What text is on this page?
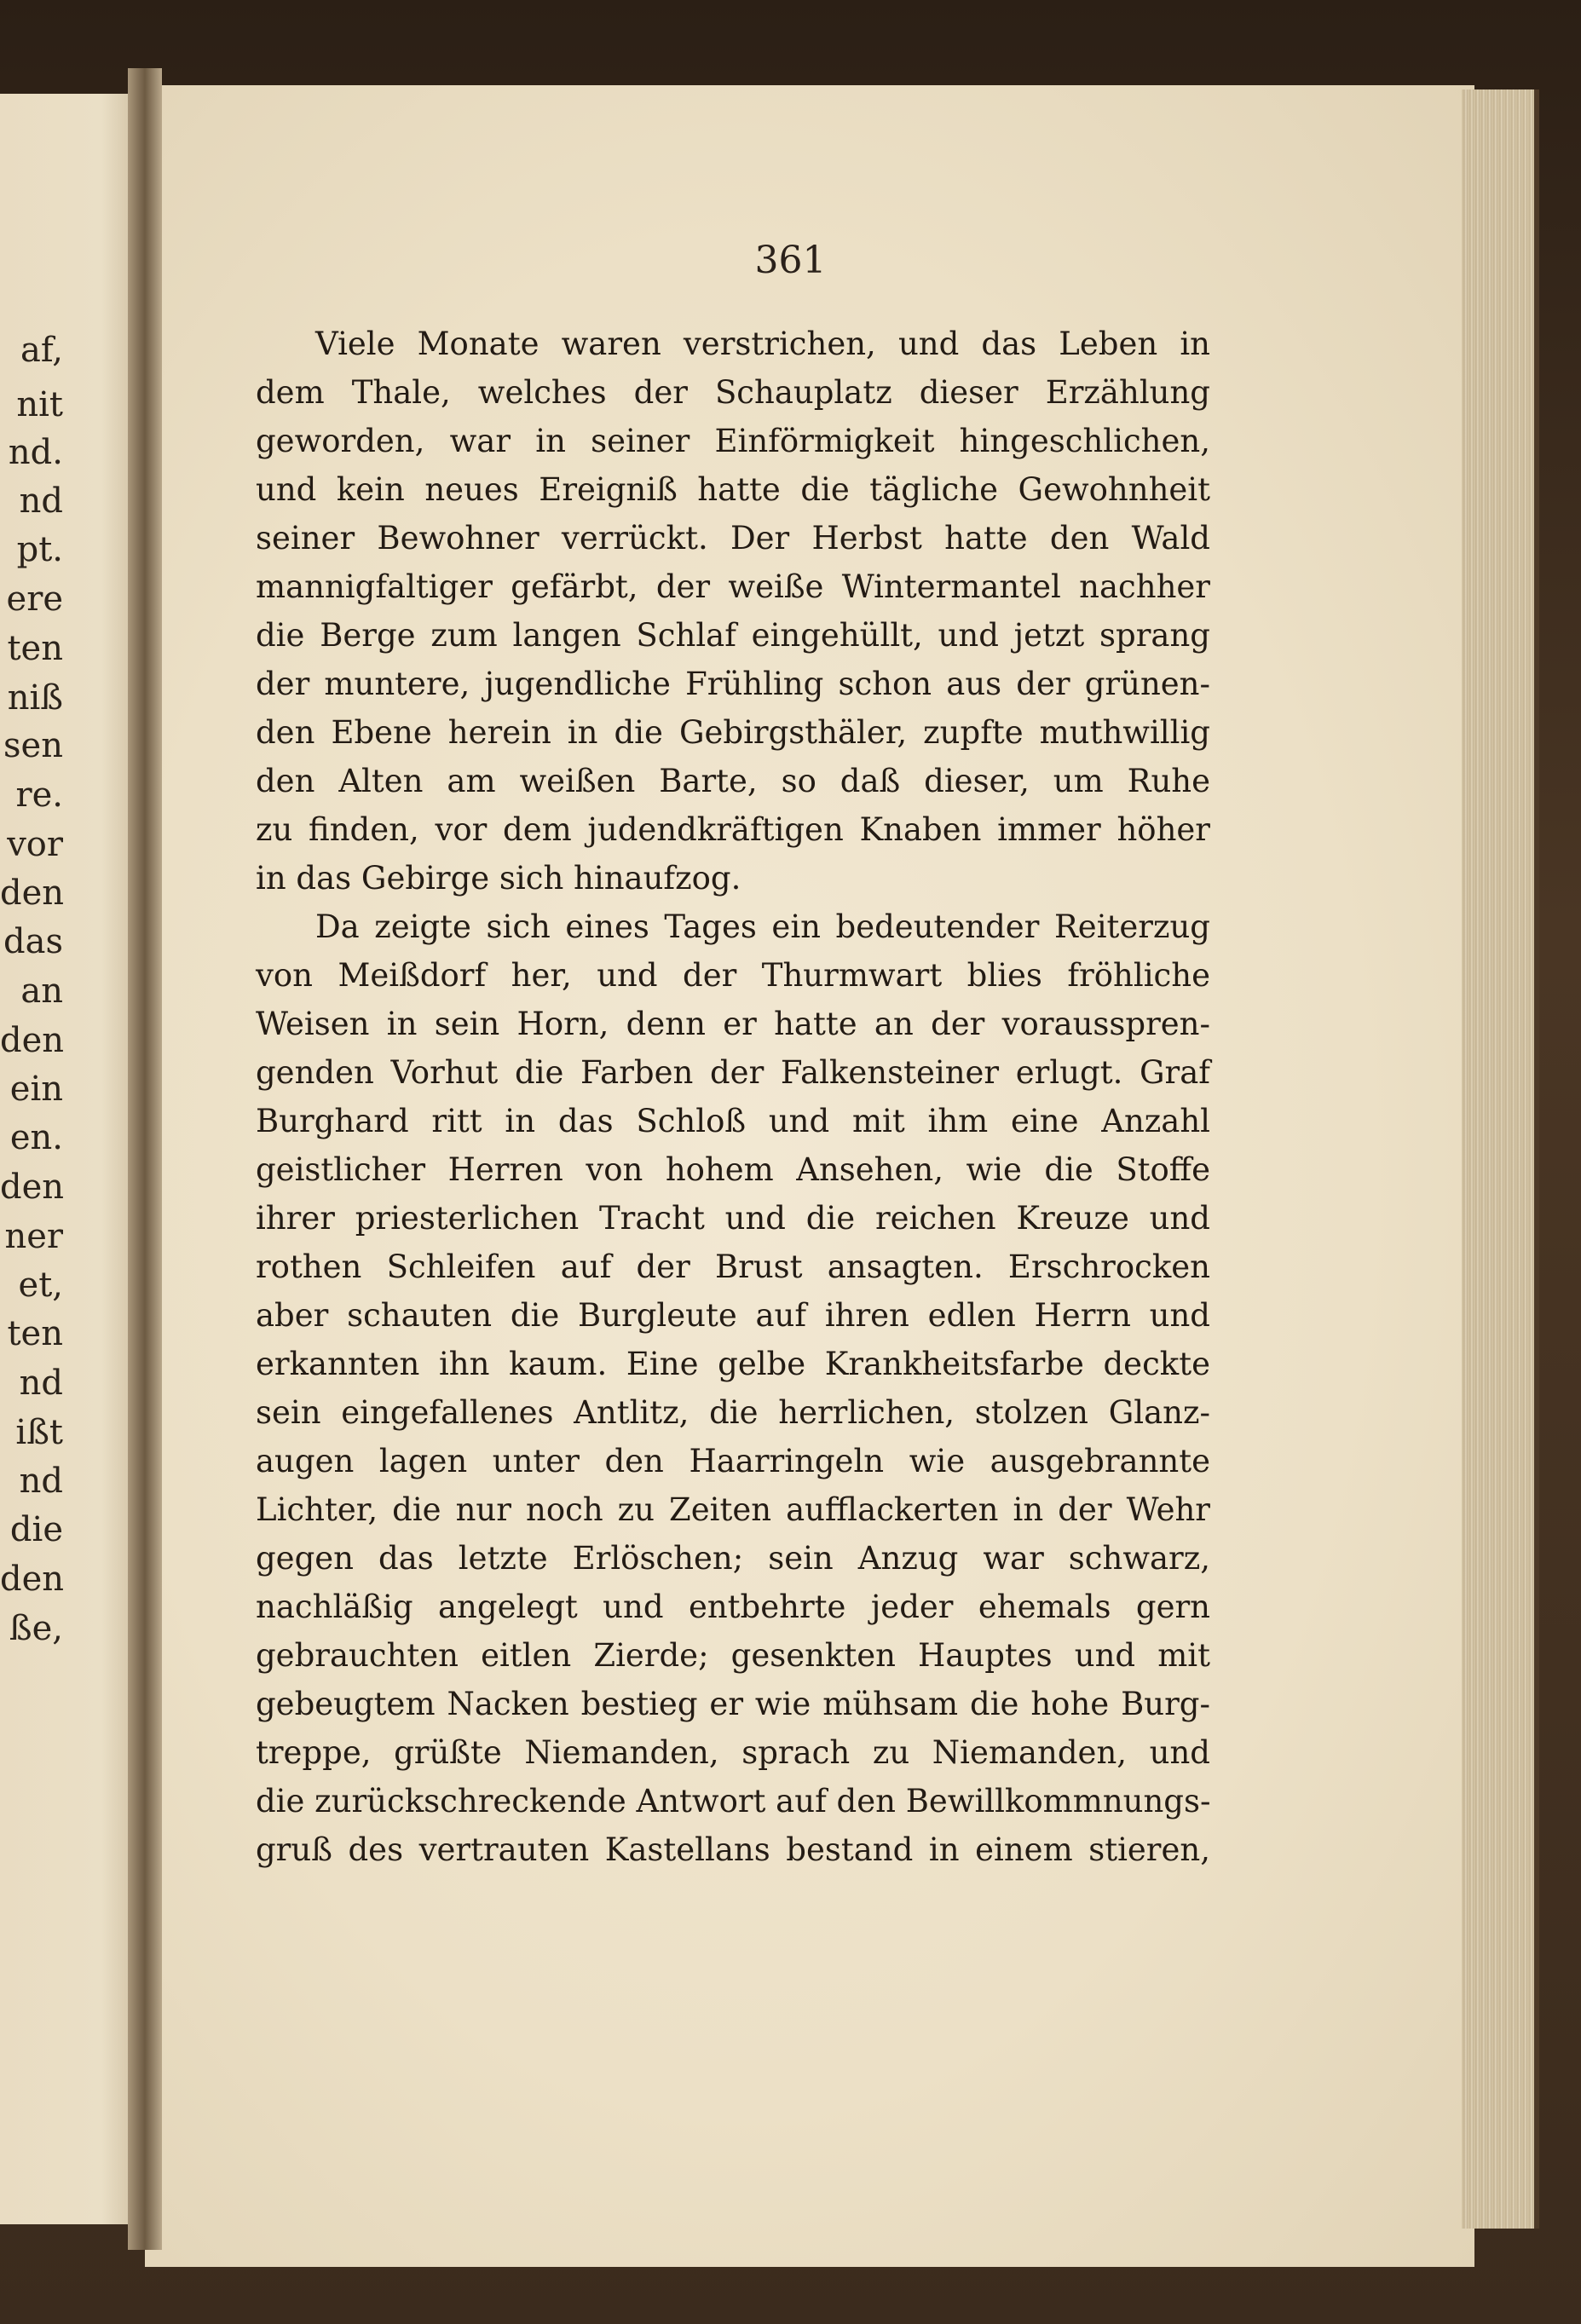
af,
nit
nd.
nd
pt.
ere
ten
niß
sen
re.
vor
den
das
an
den
ein
en.
den
ner
et,
ten
nd
ißt
nd
die
den
ße,
361
Viele Monate waren verstrichen, und das Leben in
dem Thale, welches der Schauplatz dieser Erzählung
geworden, war in seiner Einförmigkeit hingeschlichen,
und kein neues Ereigniß hatte die tägliche Gewohnheit
seiner Bewohner verrückt. Der Herbst hatte den Wald
mannigfaltiger gefärbt, der weiße Wintermantel nachher
die Berge zum langen Schlaf eingehüllt, und jetzt sprang
der muntere, jugendliche Frühling schon aus der grünen-
den Ebene herein in die Gebirgsthäler, zupfte muthwillig
den Alten am weißen Barte, so daß dieser, um Ruhe
zu finden, vor dem judendkräftigen Knaben immer höher
in das Gebirge sich hinaufzog.
Da zeigte sich eines Tages ein bedeutender Reiterzug
von Meißdorf her, und der Thurmwart blies fröhliche
Weisen in sein Horn, denn er hatte an der vorausspren-
genden Vorhut die Farben der Falkensteiner erlugt. Graf
Burghard ritt in das Schloß und mit ihm eine Anzahl
geistlicher Herren von hohem Ansehen, wie die Stoffe
ihrer priesterlichen Tracht und die reichen Kreuze und
rothen Schleifen auf der Brust ansagten. Erschrocken
aber schauten die Burgleute auf ihren edlen Herrn und
erkannten ihn kaum. Eine gelbe Krankheitsfarbe deckte
sein eingefallenes Antlitz, die herrlichen, stolzen Glanz-
augen lagen unter den Haarringeln wie ausgebrannte
Lichter, die nur noch zu Zeiten aufflackerten in der Wehr
gegen das letzte Erlöschen; sein Anzug war schwarz,
nachläßig angelegt und entbehrte jeder ehemals gern
gebrauchten eitlen Zierde; gesenkten Hauptes und mit
gebeugtem Nacken bestieg er wie mühsam die hohe Burg-
treppe, grüßte Niemanden, sprach zu Niemanden, und
die zurückschreckende Antwort auf den Bewillkommnungs-
gruß des vertrauten Kastellans bestand in einem stieren,
